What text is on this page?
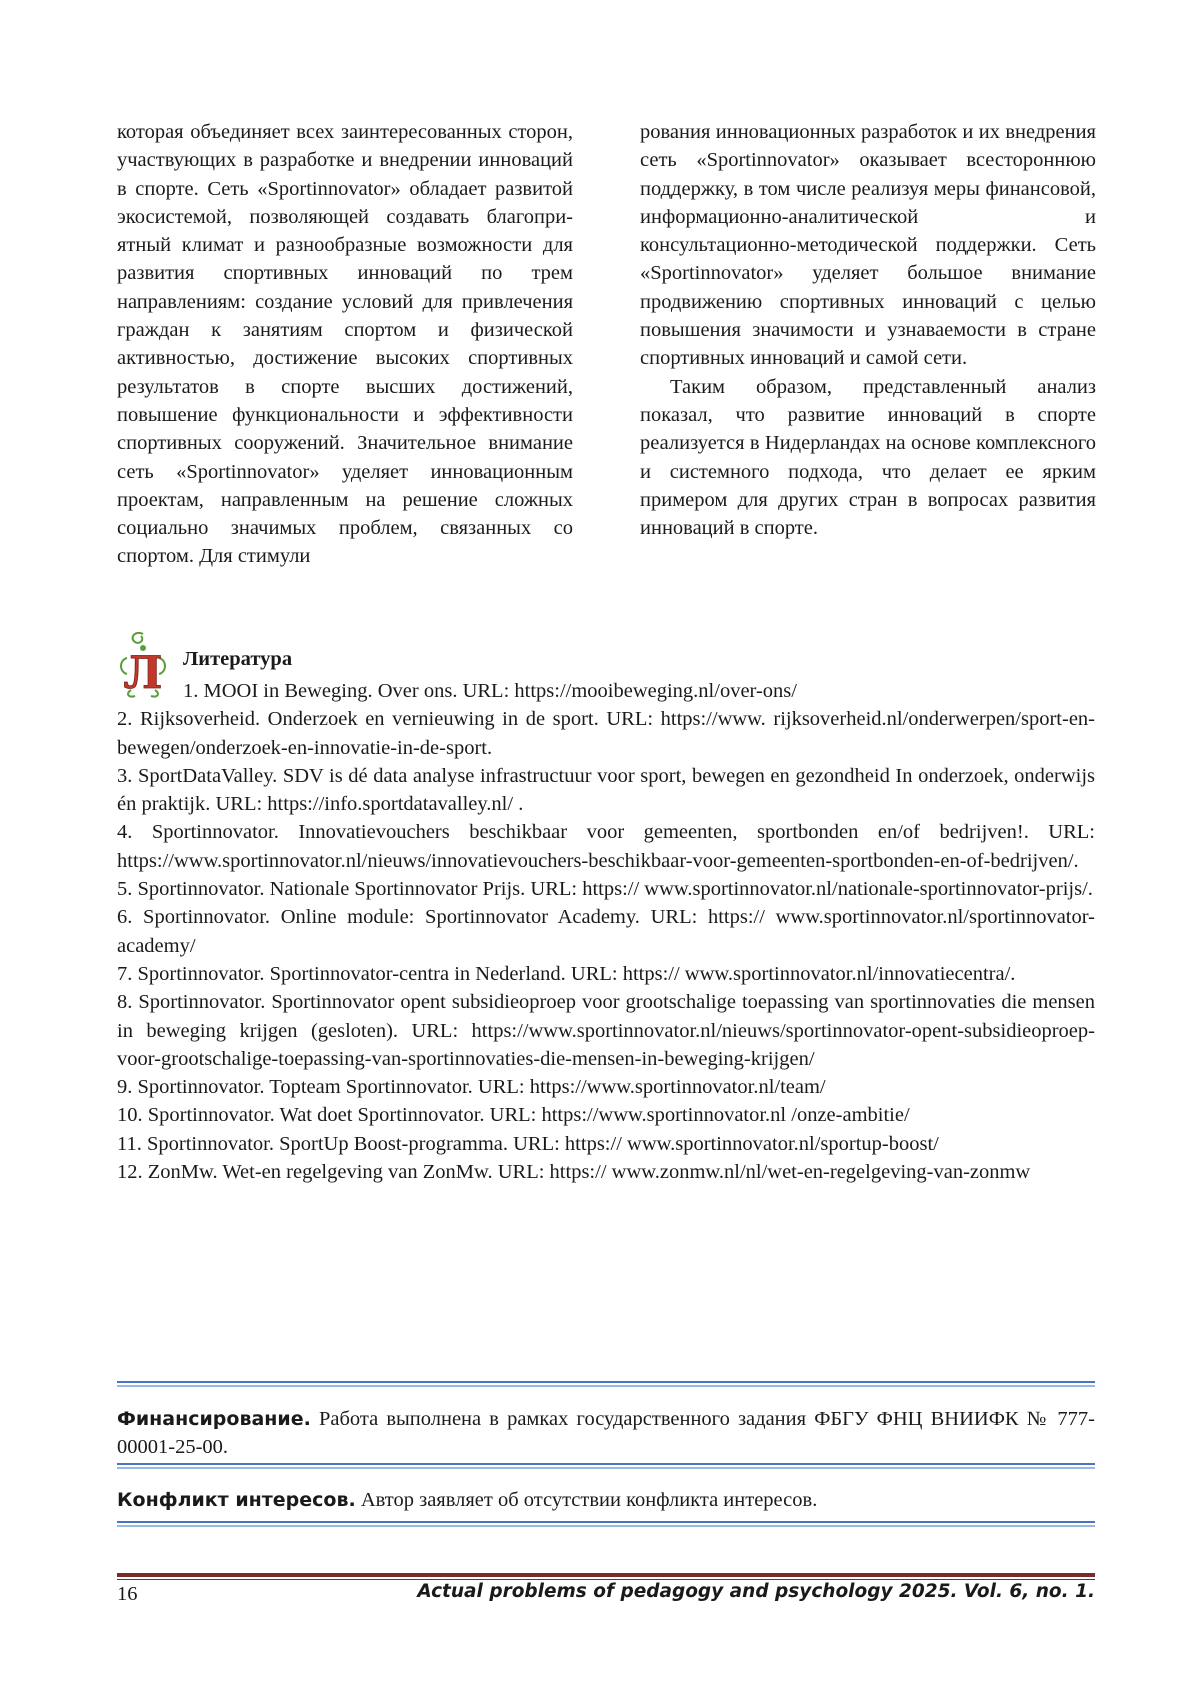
которая объединяет всех заинтересованных сторон, участвующих в разработке и внедрении инноваций в спорте. Сеть «Sportinnovator» обладает развитой экосистемой, позволяющей создавать благоприятный климат и разнообразные возможности для развития спортивных инноваций по трем направлениям: создание условий для привлечения граждан к занятиям спортом и физической активностью, достижение высоких спортивных результатов в спорте высших достижений, повышение функциональности и эффективности спортивных сооружений. Значительное внимание сеть «Sportinnovator» уделяет инновационным проектам, направленным на решение сложных социально значимых проблем, связанных со спортом. Для стимули

рования инновационных разработок и их внедрения сеть «Sportinnovator» оказывает всестороннюю поддержку, в том числе реализуя меры финансовой, информационно-аналитической и консультационно-методической поддержки. Сеть «Sportinnovator» уделяет большое внимание продвижению спортивных инноваций с целью повышения значимости и узнаваемости в стране спортивных инноваций и самой сети.

Таким образом, представленный анализ показал, что развитие инноваций в спорте реализуется в Нидерландах на основе комплексного и системного подхода, что делает ее ярким примером для других стран в вопросах развития инноваций в спорте.

Л Литература

1. MOOI in Beweging. Over ons. URL: https://mooibeweging.nl/over-ons/

2. Rijksoverheid. Onderzoek en vernieuwing in de sport. URL: https://www. rijksoverheid.nl/onderwerpen/sport-en-bewegen/onderzoek-en-innovatie-in-de-sport.

3. SportDataValley. SDV is dé data analyse infrastructuur voor sport, bewegen en gezondheid In onderzoek, onderwijs én praktijk. URL: https://info.sportdatavalley.nl/ .

4. Sportinnovator. Innovatievouchers beschikbaar voor gemeenten, sportbonden en/of bedrijven!. URL: https://www.sportinnovator.nl/nieuws/innovatievouchers-beschikbaar-voor-gemeenten-sportbonden-en-of-bedrijven/.

5. Sportinnovator. Nationale Sportinnovator Prijs. URL: https:// www.sportinnovator.nl/nationale-sportinnovator-prijs/.

6. Sportinnovator. Online module: Sportinnovator Academy. URL: https:// www.sportinnovator.nl/sportinnovator-academy/

7. Sportinnovator. Sportinnovator-centra in Nederland. URL: https:// www.sportinnovator.nl/innovatiecentra/.

8. Sportinnovator. Sportinnovator opent subsidieoproep voor grootschalige toepassing van sportinnovaties die mensen in beweging krijgen (gesloten). URL: https://www.sportinnovator.nl/nieuws/sportinnovator-opent-subsidieoproep-voor-grootschalige-toepassing-van-sportinnovaties-die-mensen-in-beweging-krijgen/

9. Sportinnovator. Topteam Sportinnovator. URL: https://www.sportinnovator.nl/team/

10. Sportinnovator. Wat doet Sportinnovator. URL: https://www.sportinnovator.nl /onze-ambitie/

11. Sportinnovator. SportUp Boost-programma. URL: https:// www.sportinnovator.nl/sportup-boost/

12. ZonMw. Wet-en regelgeving van ZonMw. URL: https:// www.zonmw.nl/nl/wet-en-regelgeving-van-zonmw

Финансирование. Работа выполнена в рамках государственного задания ФБГУ ФНЦ ВНИИФК № 777-00001-25-00.

Конфликт интересов. Автор заявляет об отсутствии конфликта интересов.

16	Actual problems of pedagogy and psychology 2025. Vol. 6, no. 1.
